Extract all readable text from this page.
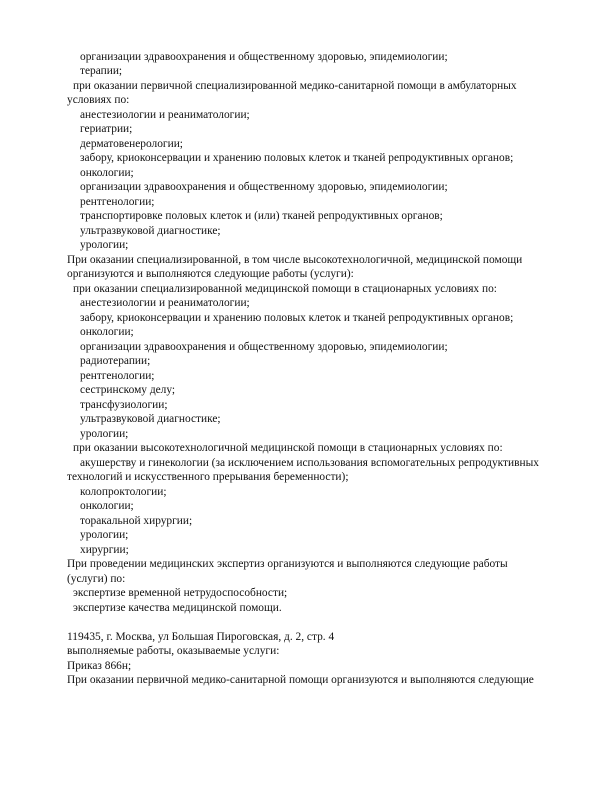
организации здравоохранения и общественному здоровью, эпидемиологии;
терапии;
при оказании первичной специализированной медико-санитарной помощи в амбулаторных
условиях по:
анестезиологии и реаниматологии;
гериатрии;
дерматовенерологии;
забору, криоконсервации и хранению половых клеток и тканей репродуктивных органов;
онкологии;
организации здравоохранения и общественному здоровью, эпидемиологии;
рентгенологии;
транспортировке половых клеток и (или) тканей репродуктивных органов;
ультразвуковой диагностике;
урологии;
При оказании специализированной, в том числе высокотехнологичной, медицинской помощи
организуются и выполняются следующие работы (услуги):
при оказании специализированной медицинской помощи в стационарных условиях по:
анестезиологии и реаниматологии;
забору, криоконсервации и хранению половых клеток и тканей репродуктивных органов;
онкологии;
организации здравоохранения и общественному здоровью, эпидемиологии;
радиотерапии;
рентгенологии;
сестринскому делу;
трансфузиологии;
ультразвуковой диагностике;
урологии;
при оказании высокотехнологичной медицинской помощи в стационарных условиях по:
акушерству и гинекологии (за исключением использования вспомогательных репродуктивных
технологий и искусственного прерывания беременности);
колопроктологии;
онкологии;
торакальной хирургии;
урологии;
хирургии;
При проведении медицинских экспертиз организуются и выполняются следующие работы
(услуги) по:
экспертизе временной нетрудоспособности;
экспертизе качества медицинской помощи.
119435, г. Москва, ул Большая Пироговская, д. 2, стр. 4
выполняемые работы, оказываемые услуги:
Приказ 866н;
При оказании первичной медико-санитарной помощи организуются и выполняются следующие
